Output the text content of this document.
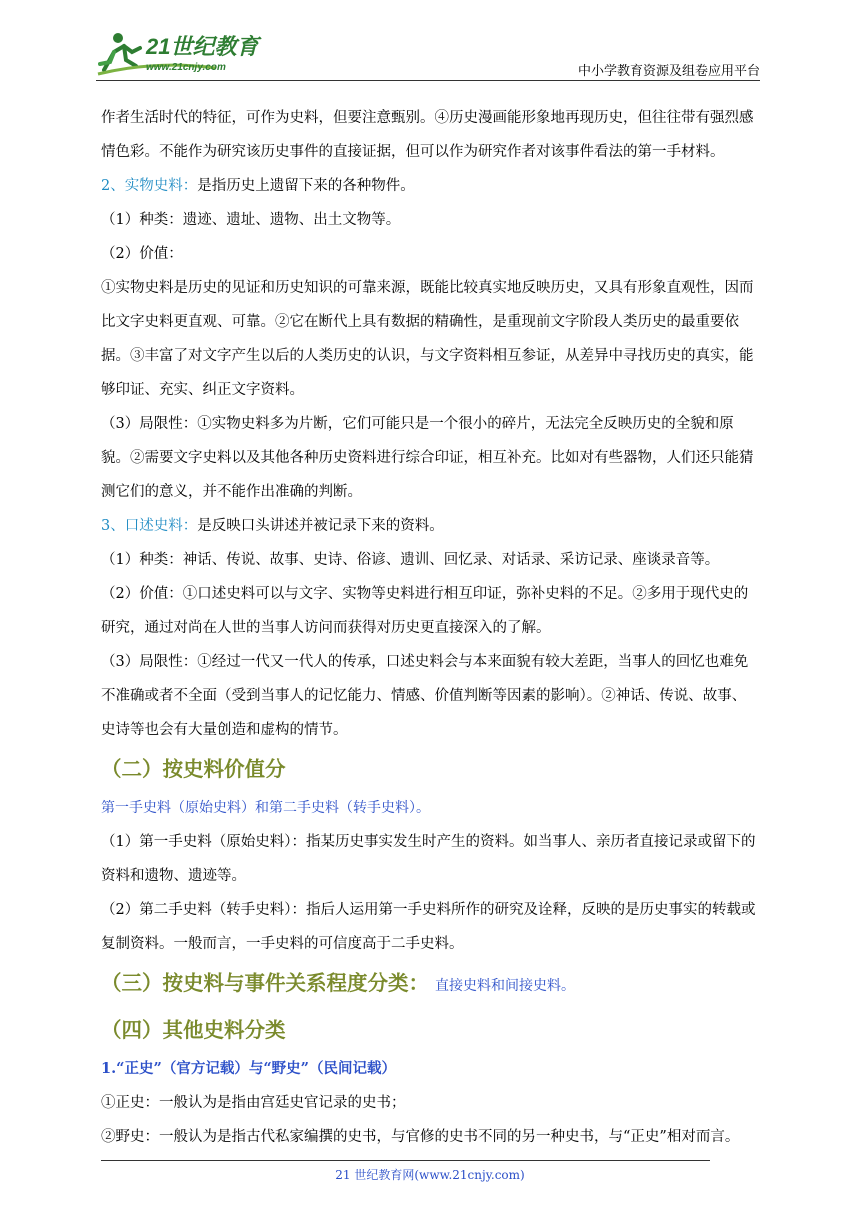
21世纪教育
www.21cnjy.com	中小学教育资源及组卷应用平台

作者生活时代的特征，可作为史料，但要注意甄别。④历史漫画能形象地再现历史，但往往带有强烈感情色彩。不能作为研究该历史事件的直接证据，但可以作为研究作者对该事件看法的第一手材料。

2、实物史料：是指历史上遗留下来的各种物件。

（1）种类：遗迹、遗址、遗物、出土文物等。

（2）价值：

①实物史料是历史的见证和历史知识的可靠来源，既能比较真实地反映历史，又具有形象直观性，因而比文字史料更直观、可靠。②它在断代上具有数据的精确性，是重现前文字阶段人类历史的最重要依据。③丰富了对文字产生以后的人类历史的认识，与文字资料相互参证，从差异中寻找历史的真实，能够印证、充实、纠正文字资料。

（3）局限性：①实物史料多为片断，它们可能只是一个很小的碎片，无法完全反映历史的全貌和原貌。②需要文字史料以及其他各种历史资料进行综合印证，相互补充。比如对有些器物，人们还只能猜测它们的意义，并不能作出准确的判断。

3、口述史料：是反映口头讲述并被记录下来的资料。

（1）种类：神话、传说、故事、史诗、俗谚、遗训、回忆录、对话录、采访记录、座谈录音等。

（2）价值：①口述史料可以与文字、实物等史料进行相互印证，弥补史料的不足。②多用于现代史的研究，通过对尚在人世的当事人访问而获得对历史更直接深入的了解。

（3）局限性：①经过一代又一代人的传承，口述史料会与本来面貌有较大差距，当事人的回忆也难免不准确或者不全面（受到当事人的记忆能力、情感、价值判断等因素的影响）。②神话、传说、故事、史诗等也会有大量创造和虚构的情节。

（二）按史料价值分

第一手史料（原始史料）和第二手史料（转手史料）。

（1）第一手史料（原始史料）：指某历史事实发生时产生的资料。如当事人、亲历者直接记录或留下的资料和遗物、遗迹等。

（2）第二手史料（转手史料）：指后人运用第一手史料所作的研究及诠释，反映的是历史事实的转载或复制资料。一般而言，一手史料的可信度高于二手史料。

（三）按史料与事件关系程度分类： 直接史料和间接史料。
（四）其他史料分类

1.“正史”（官方记载）与“野史”（民间记载）

①正史：一般认为是指由宫廷史官记录的史书；

②野史：一般认为是指古代私家编撰的史书，与官修的史书不同的另一种史书，与“正史”相对而言。

21 世纪教育网(www.21cnjy.com)
